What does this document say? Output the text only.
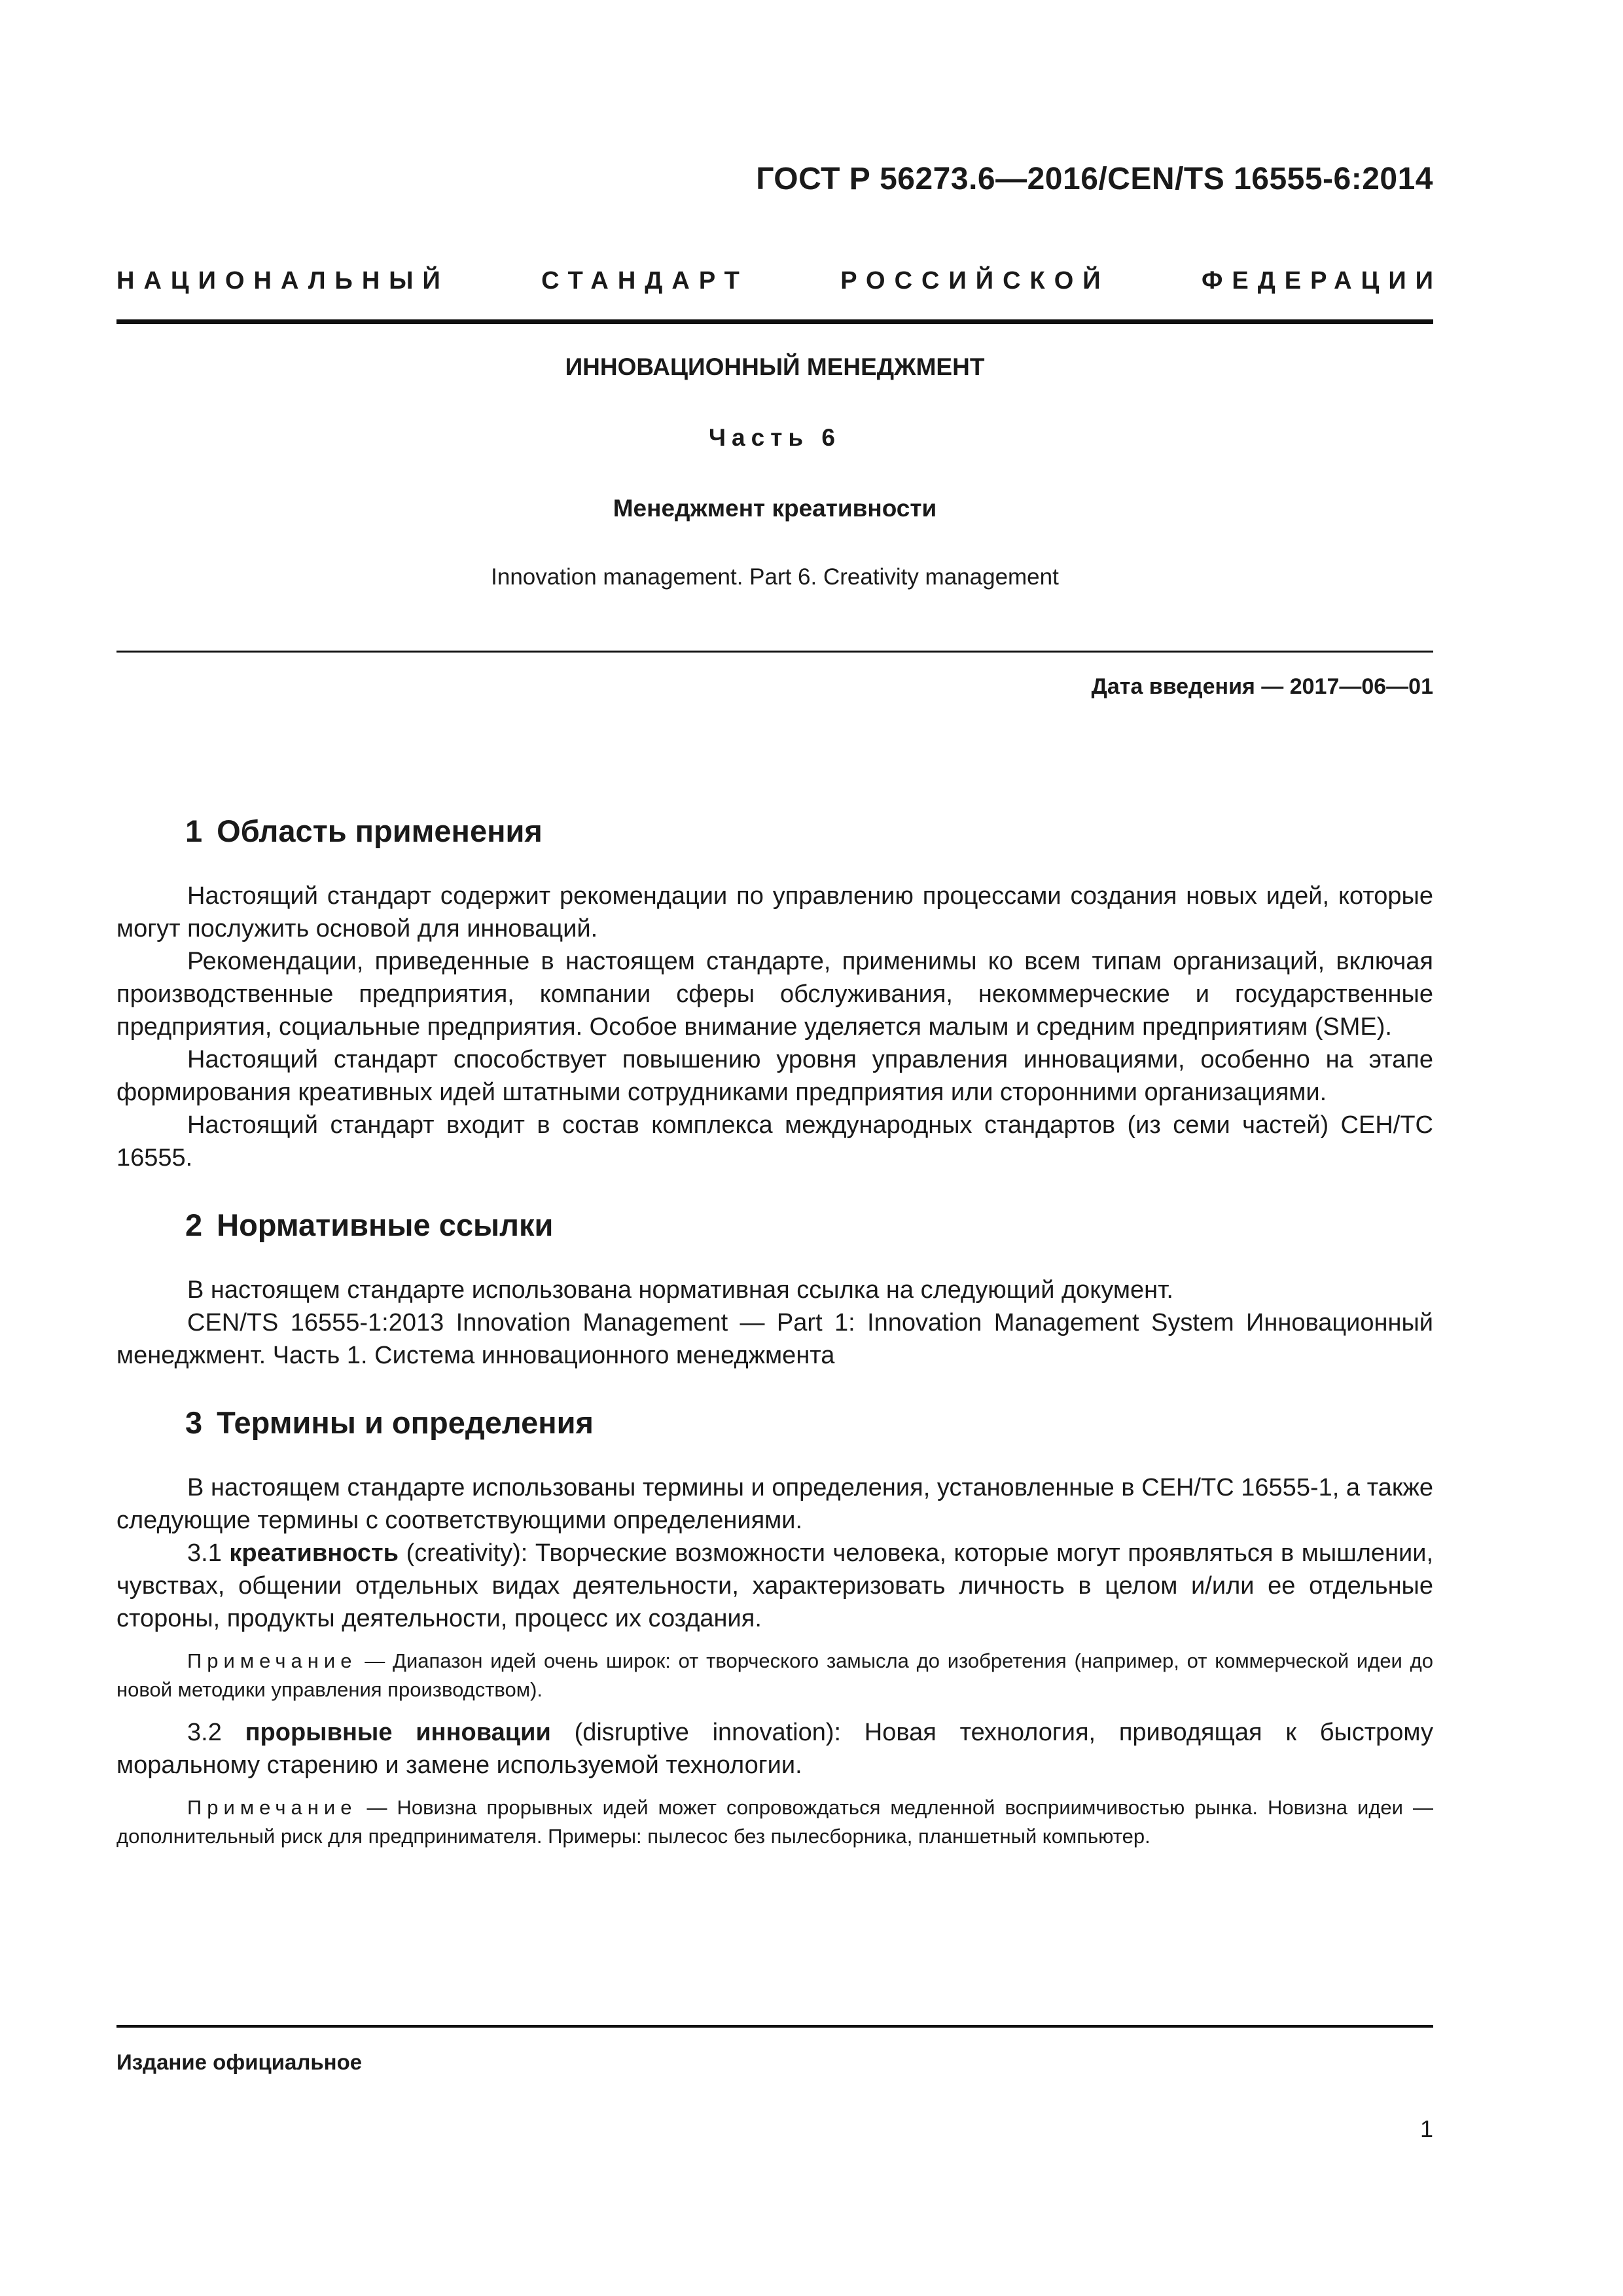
ГОСТ Р 56273.6—2016/CEN/TS 16555-6:2014
НАЦИОНАЛЬНЫЙ	СТАНДАРТ	РОССИЙСКОЙ	ФЕДЕРАЦИИ
ИННОВАЦИОННЫЙ МЕНЕДЖМЕНТ
Часть 6
Менеджмент креативности
Innovation management. Part 6. Creativity management
Дата введения — 2017—06—01
1 Область применения

Настоящий стандарт содержит рекомендации по управлению процессами создания новых идей, которые могут послужить основой для инноваций.

Рекомендации, приведенные в настоящем стандарте, применимы ко всем типам организаций, включая производственные предприятия, компании сферы обслуживания, некоммерческие и государственные предприятия, социальные предприятия. Особое внимание уделяется малым и средним предприятиям (SME).

Настоящий стандарт способствует повышению уровня управления инновациями, особенно на этапе формирования креативных идей штатными сотрудниками предприятия или сторонними организациями.

Настоящий стандарт входит в состав комплекса международных стандартов (из семи частей) CEH/TC 16555.

2 Нормативные ссылки

В настоящем стандарте использована нормативная ссылка на следующий документ.

CEN/TS 16555-1:2013 Innovation Management — Part 1: Innovation Management System Инновационный менеджмент. Часть 1. Система инновационного менеджмента

3 Термины и определения

В настоящем стандарте использованы термины и определения, установленные в CEH/TC 16555-1, а также следующие термины с соответствующими определениями.

3.1 креативность (creativity): Творческие возможности человека, которые могут проявляться в мышлении, чувствах, общении отдельных видах деятельности, характеризовать личность в целом и/или ее отдельные стороны, продукты деятельности, процесс их создания.

Примечание — Диапазон идей очень широк: от творческого замысла до изобретения (например, от коммерческой идеи до новой методики управления производством).

3.2 прорывные инновации (disruptive innovation): Новая технология, приводящая к быстрому моральному старению и замене используемой технологии.

Примечание — Новизна прорывных идей может сопровождаться медленной восприимчивостью рынка. Новизна идеи — дополнительный риск для предпринимателя. Примеры: пылесос без пылесборника, планшетный компьютер.

Издание официальное
1
